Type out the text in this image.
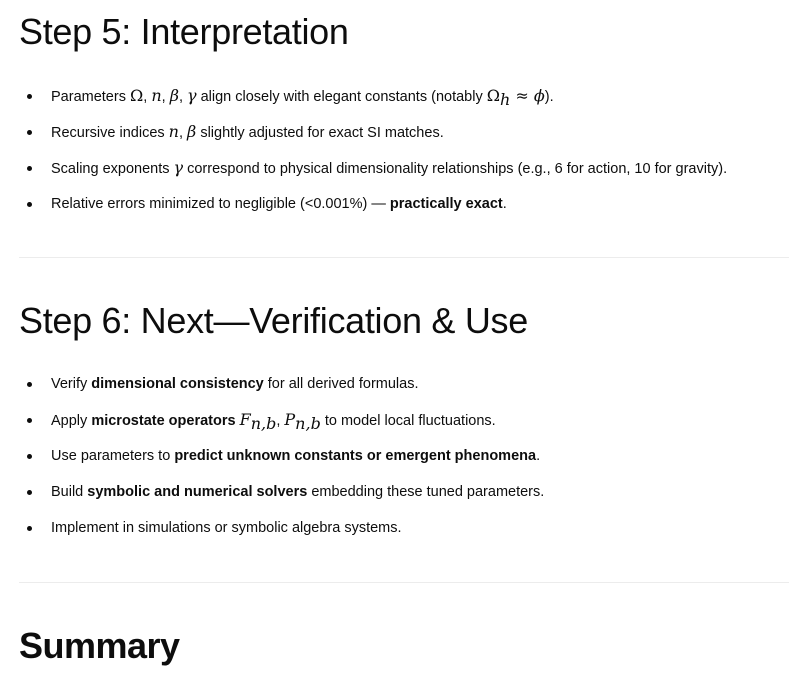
Step 5: Interpretation
Parameters Ω, n, β, γ align closely with elegant constants (notably $\Omega_h \approx \phi$).
Recursive indices n, β slightly adjusted for exact SI matches.
Scaling exponents γ correspond to physical dimensionality relationships (e.g., 6 for action, 10 for gravity).
Relative errors minimized to negligible (<0.001%) — practically exact.
Step 6: Next—Verification & Use
Verify dimensional consistency for all derived formulas.
Apply microstate operators $F_{n,b}$, $P_{n,b}$ to model local fluctuations.
Use parameters to predict unknown constants or emergent phenomena.
Build symbolic and numerical solvers embedding these tuned parameters.
Implement in simulations or symbolic algebra systems.
Summary
